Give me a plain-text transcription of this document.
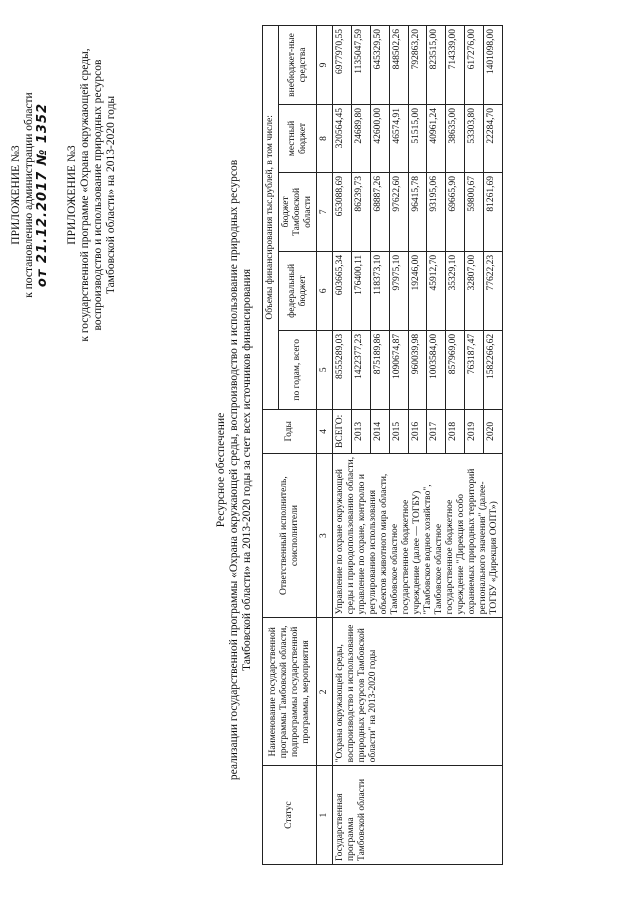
ПРИЛОЖЕНИЕ №3 к постановлению администрации области от 21.12.2017 № 1352 ПРИЛОЖЕНИЕ №3 к государственной программе «Охрана окружающей среды, воспроизводство и использование природных ресурсов Тамбовской области» на 2013-2020 годы
Ресурсное обеспечение реализации государственной программы «Охрана окружающей среды, воспроизводство и использование природных ресурсов Тамбовской области» на 2013-2020 годы за счет всех источников финансирования
Статус	Наименование государственной программы Тамбовской области, подпрограммы государственной программы, мероприятия	Ответственный исполнитель, соисполнители	Годы	Объемы финансирования тыс.рублей, в том числе:				
				по годам, всего	федеральный бюджет	бюджет Тамбовской области	местный бюджет	внебюджет-ные средства
1	2	3	4	5	6	7	8	9
Государственная программа Тамбовской области	"Охрана окружающей среды, воспроизводство и использование природных ресурсов Тамбовской области" на 2013-2020 годы	Управление по охране окружающей среды и природопользованию области, управление по охране, контролю и регулированию использования объектов животного мира области, Тамбовское областное государственное бюджетное учреждение (далее — ТОГБУ) "Тамбовское водное хозяйство", Тамбовское областное государственное бюджетное учреждение "Дирекция особо охраняемых природных территорий регионального значения" (далее- ТОГБУ «Дирекция ООПТ»)	ВСЕГО:	8555289,03	603665,34	653088,69	320564,45	6977970,55
			2013	1422377,23	176400,11	86239,73	24689,80	1135047,59
			2014	875189,86	118373,10	68887,26	42600,00	645329,50
			2015	1090674,87	97975,10	97622,60	46574,91	848502,26
			2016	960039,98	19246,00	96415,78	51515,00	792863,20
			2017	1003584,00	45912,70	93195,06	40961,24	823515,00
			2018	857969,00	35329,10	69665,90	38635,00	714339,00
			2019	763187,47	32807,00	59800,67	53303,80	617276,00
			2020	1582266,62	77622,23	81261,69	22284,70	1401098,00
